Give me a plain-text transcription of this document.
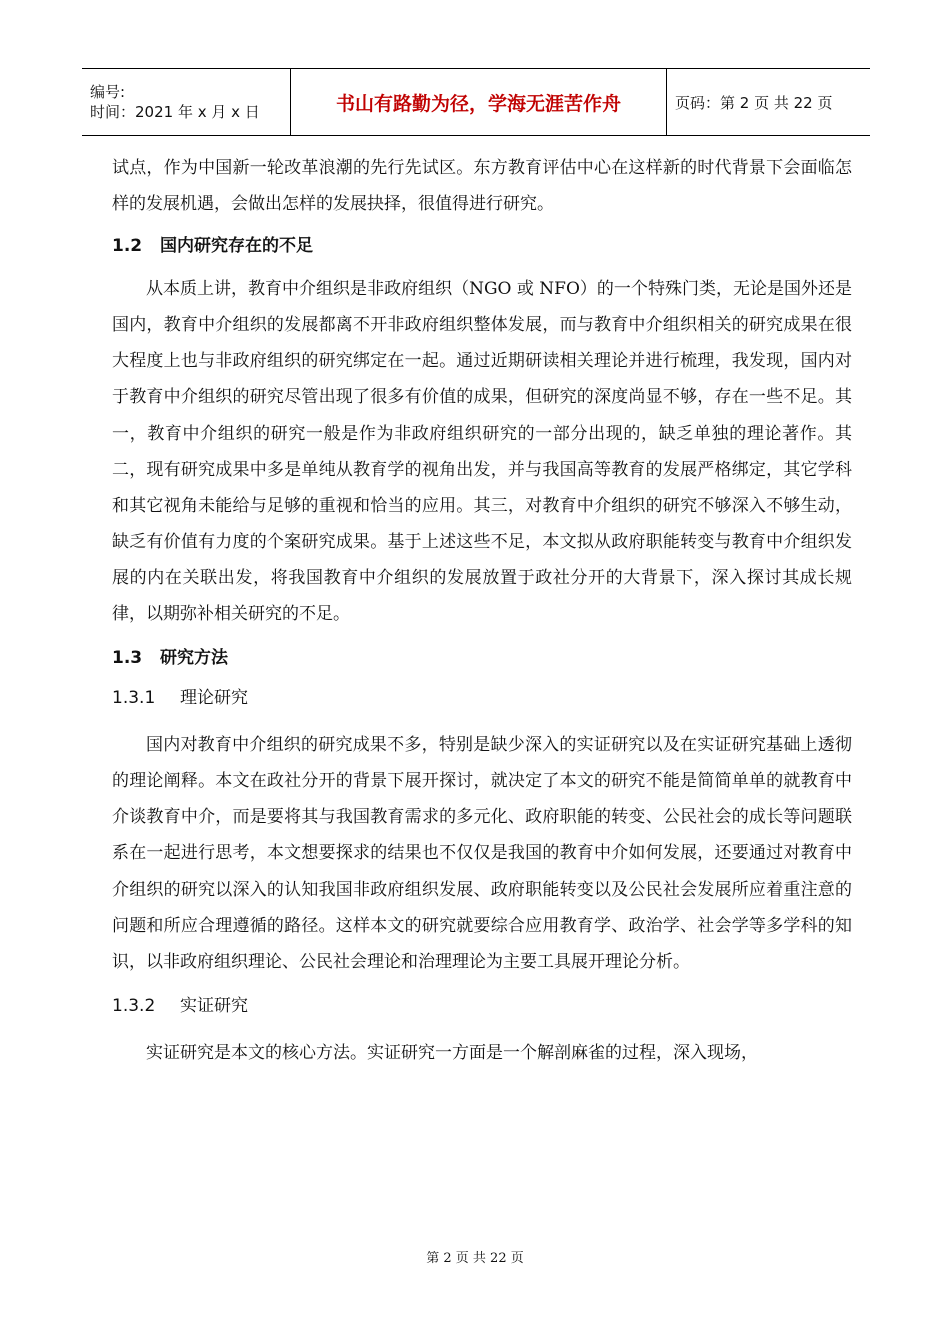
编号:
时间：2021 年 x 月 x 日	书山有路勤为径，学海无涯苦作舟	页码：第 2 页 共 22 页

试点，作为中国新一轮改革浪潮的先行先试区。东方教育评估中心在这样新的时代背景下会面临怎样的发展机遇，会做出怎样的发展抉择，很值得进行研究。

1.2 国内研究存在的不足

从本质上讲，教育中介组织是非政府组织（NGO 或 NFO）的一个特殊门类，无论是国外还是国内，教育中介组织的发展都离不开非政府组织整体发展，而与教育中介组织相关的研究成果在很大程度上也与非政府组织的研究绑定在一起。通过近期研读相关理论并进行梳理，我发现，国内对于教育中介组织的研究尽管出现了很多有价值的成果，但研究的深度尚显不够，存在一些不足。其一，教育中介组织的研究一般是作为非政府组织研究的一部分出现的，缺乏单独的理论著作。其二，现有研究成果中多是单纯从教育学的视角出发，并与我国高等教育的发展严格绑定，其它学科和其它视角未能给与足够的重视和恰当的应用。其三，对教育中介组织的研究不够深入不够生动，缺乏有价值有力度的个案研究成果。基于上述这些不足，本文拟从政府职能转变与教育中介组织发展的内在关联出发，将我国教育中介组织的发展放置于政社分开的大背景下，深入探讨其成长规律，以期弥补相关研究的不足。

1.3 研究方法
1.3.1 理论研究

国内对教育中介组织的研究成果不多，特别是缺少深入的实证研究以及在实证研究基础上透彻的理论阐释。本文在政社分开的背景下展开探讨，就决定了本文的研究不能是简简单单的就教育中介谈教育中介，而是要将其与我国教育需求的多元化、政府职能的转变、公民社会的成长等问题联系在一起进行思考，本文想要探求的结果也不仅仅是我国的教育中介如何发展，还要通过对教育中介组织的研究以深入的认知我国非政府组织发展、政府职能转变以及公民社会发展所应着重注意的问题和所应合理遵循的路径。这样本文的研究就要综合应用教育学、政治学、社会学等多学科的知识，以非政府组织理论、公民社会理论和治理理论为主要工具展开理论分析。

1.3.2 实证研究

实证研究是本文的核心方法。实证研究一方面是一个解剖麻雀的过程，深入现场，

第 2 页 共 22 页
